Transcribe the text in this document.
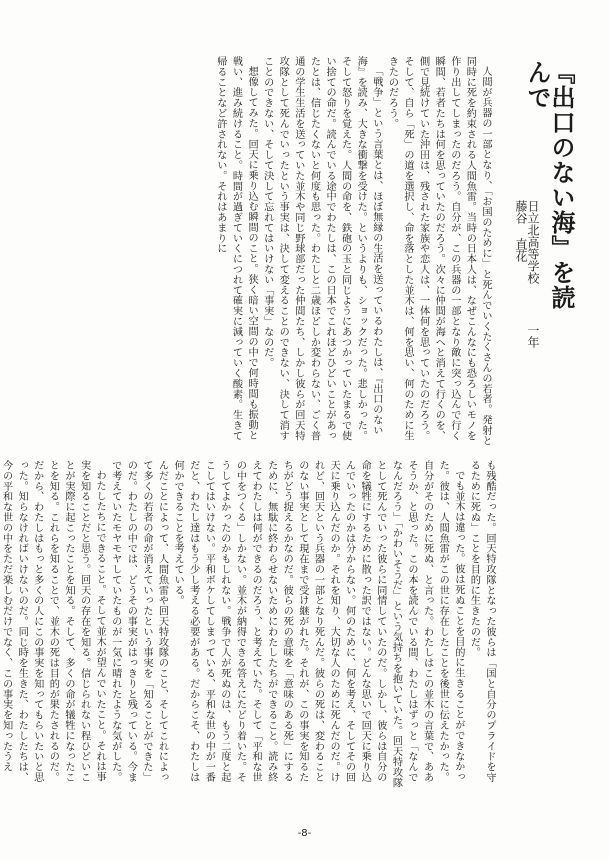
『出口のない海』を読んで
日立北高等学校  一年  藤谷 直花

人間が兵器の一部となり、「お国のために」と死んでいくたくさんの若者。発射と同時に死を約束される人間魚雷。当時の日本人は、なぜこんなにも恐ろしいモノを作り出してしまったのだろう。自分が、この兵器の一部となり敵に突っ込んで行く瞬間、若者たちは何を思っていたのだろう。次々に仲間が海へと消えて行くのを、側で見続けていた沖田は、残された家族や恋人は、一体何を思っていたのだろう。そして、自ら「死」の道を選択し、命を落とした並木は、何を思い、何のために生きたのだろう。

「戦争」という言葉とは、ほぼ無縁の生活を送っているわたしは、『出口のない海』を読み、大きな衝撃を受けた。というよりも、ショックだった。悲しかった。そして怒りを覚えた。人間の命を、鉄砲の玉と同じようにあつかっていたまるで使い捨ての命だ。読んでいる途中でわたしは、この日本でこれほどひどいことがあったとは、信じたくないと何度も思った。わたしと二歳ほどしか変わらない、ごく普通の学生生活を送っていた並木や同じ野球部だった仲間たち、しかし彼らが回天特攻隊として死んでいったという事実は、決して変えることのできない、決して消すことのできない、そして決して忘れてはいけない「事実」なのだ。

想像してみた。回天に乗り込む瞬間のこと。狭く暗い空間の中で何時間も振動と戦い、進み続けること。時間が過ぎていくにつれて確実に減っていく酸素。生きて帰ることなど許されない。それはあまりに

も残酷だった。回天特攻隊となった彼らは「国と自分のプライドを守るために死ぬ」ことを目的に生きたのだ。

でも並木は違った。彼は死ぬことを目的に生きることができなかった。彼は、人間魚雷がこの世に存在したことを後世に伝えたかった。自分がそのために死ぬ、と言った。わたしはこの並木の言葉で、ああそうか、と思った。この本を読んでいる間、わたしはずっと「なんでなんだろう」「かわいそうだ」という気持ちを抱いていた。回天特攻隊として死んでいった彼らに同情していたのだ。しかし、彼らは自分の命を犠牲にするために散った訳ではない。どんな思いで回天に乗り込んでいったのかは分からない。何のために、何を考え、そしてその回天に乗り込んだのか。それを知り、大切な人のために死んだのだ。けれど、回天という兵器の一部となり死んだ。彼らの死は、変わることのない事実として現在まで受け継がれた。それが、この事実を知るたちがどう捉えるかなのだ。彼らの死の意味を「意味のある死」にするために、無駄に終わらせないためにわたしたちができること。読み終えてわたしは何ができるのだろう、と考えていた。そして「平和な世の中をつくる」しかない。並木が納得できる答えにたどり着いた。そうしてよかったのかもしれない。戦争で人が死ぬのは、もう二度と起こしてはいけない。平和ボケしてしまっている、平和な世の中が一番だと、わたし達はもう少し考える必要がある。だからこそ、わたしは何かできることを考えている。

んだことによって、人間魚雷や回天特攻隊のこと、そしてこれによって多くの若者の命が消えていったという事実を「知ることができた」のだ。わたしの中では、どうその事実がはっきりと残っている。今まで考えていたモヤモヤしていたものが一気に晴れたような気がした。

わたしたちにできること。そして並木が望んでいたこと。それは事実を知ることだと思う。回天の存在を知る。信じられない程ひどいことが実際に起こったことを知る。そして、多くの命が犠牲になったことを知る。これらを知ることで、並木の死は目的が果たされるのだ。だから、わたしはもっと多くの人にこの事実を知ってもらいたいと思った。知らなければいけないのだ。同じ時を生きた、わたしたちは、今の平和な世の中をただ楽しむだけでなく、この事実を知ったうえ

-8-
